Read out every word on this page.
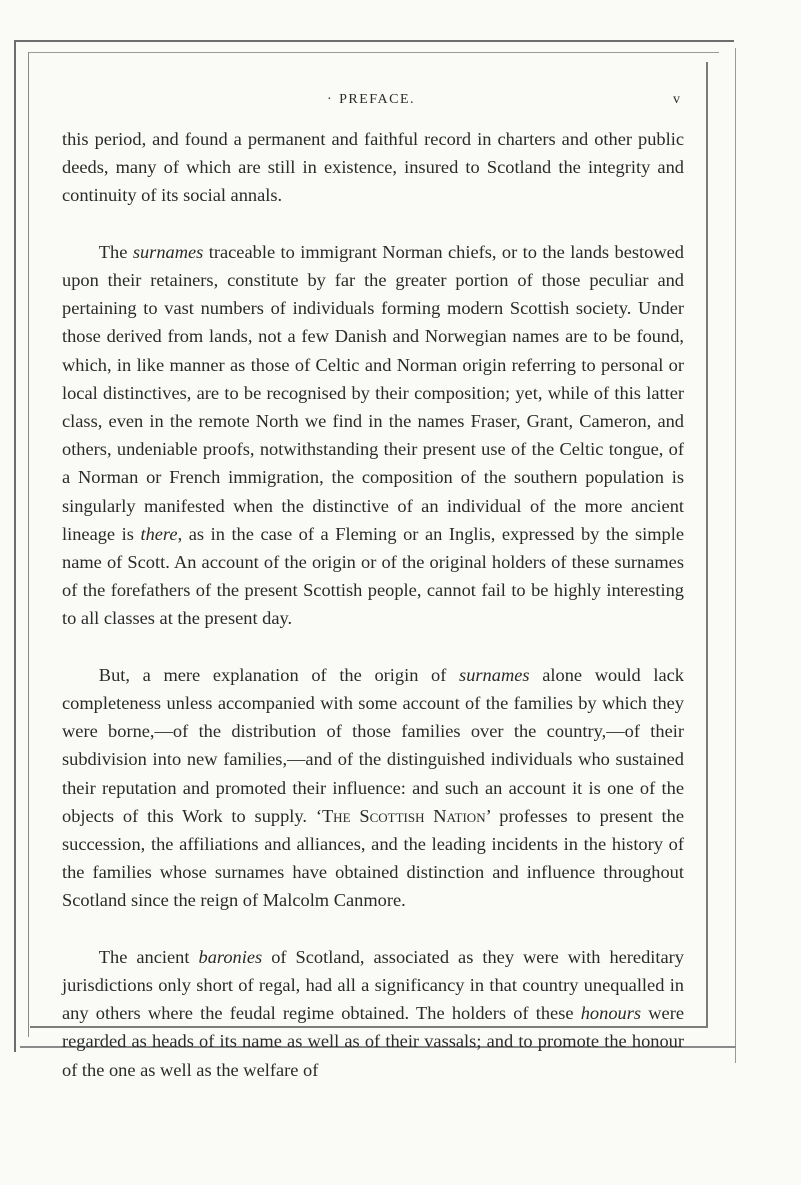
· PREFACE.	v

this period, and found a permanent and faithful record in charters and other public deeds, many of which are still in existence, insured to Scotland the integrity and continuity of its social annals.

The surnames traceable to immigrant Norman chiefs, or to the lands bestowed upon their retainers, constitute by far the greater portion of those peculiar and pertaining to vast numbers of individuals forming modern Scottish society. Under those derived from lands, not a few Danish and Norwegian names are to be found, which, in like manner as those of Celtic and Norman origin referring to personal or local distinctives, are to be recognised by their composition; yet, while of this latter class, even in the remote North we find in the names Fraser, Grant, Cameron, and others, undeniable proofs, notwithstanding their present use of the Celtic tongue, of a Norman or French immigration, the composition of the southern population is singularly manifested when the distinctive of an individual of the more ancient lineage is there, as in the case of a Fleming or an Inglis, expressed by the simple name of Scott. An account of the origin or of the original holders of these surnames of the forefathers of the present Scottish people, cannot fail to be highly interesting to all classes at the present day.

But, a mere explanation of the origin of surnames alone would lack completeness unless accompanied with some account of the families by which they were borne,—of the distribution of those families over the country,—of their subdivision into new families,—and of the distinguished individuals who sustained their reputation and promoted their influence: and such an account it is one of the objects of this Work to supply. ‘The Scottish Nation’ professes to present the succession, the affiliations and alliances, and the leading incidents in the history of the families whose surnames have obtained distinction and influence throughout Scotland since the reign of Malcolm Canmore.

The ancient baronies of Scotland, associated as they were with hereditary jurisdictions only short of regal, had all a significancy in that country unequalled in any others where the feudal regime obtained. The holders of these honours were regarded as heads of its name as well as of their vassals; and to promote the honour of the one as well as the welfare of
